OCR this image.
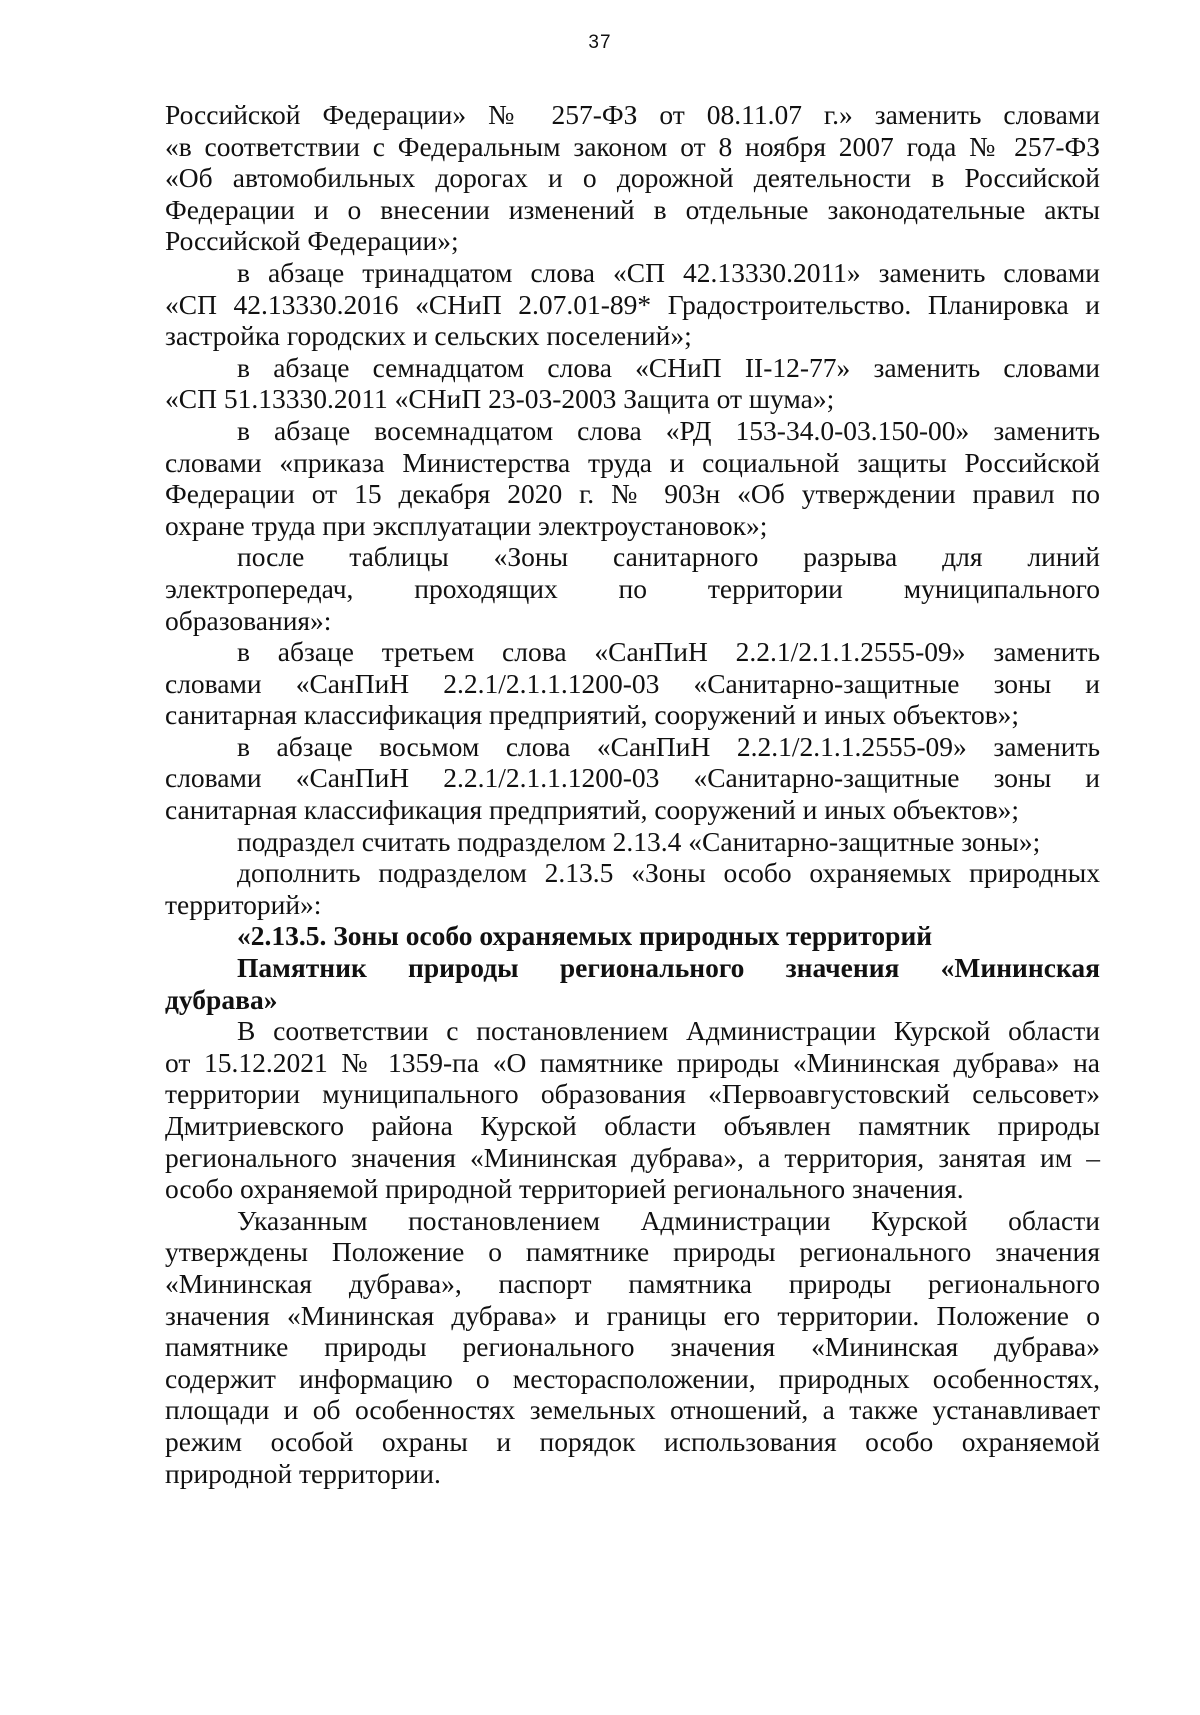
37

Российской Федерации» № 257-ФЗ от 08.11.07 г.» заменить словами
«в соответствии с Федеральным законом от 8 ноября 2007 года № 257-ФЗ
«Об автомобильных дорогах и о дорожной деятельности в Российской
Федерации и о внесении изменений в отдельные законодательные акты
Российской Федерации»;

в абзаце тринадцатом слова «СП 42.13330.2011» заменить словами
«СП 42.13330.2016 «СНиП 2.07.01-89* Градостроительство. Планировка и
застройка городских и сельских поселений»;

в абзаце семнадцатом слова «СНиП II-12-77» заменить словами
«СП 51.13330.2011 «СНиП 23-03-2003 Защита от шума»;

в абзаце восемнадцатом слова «РД 153-34.0-03.150-00» заменить
словами «приказа Министерства труда и социальной защиты Российской
Федерации от 15 декабря 2020 г. № 903н «Об утверждении правил по
охране труда при эксплуатации электроустановок»;

после таблицы «Зоны санитарного разрыва для линий
электропередач, проходящих по территории муниципального
образования»:

в абзаце третьем слова «СанПиН 2.2.1/2.1.1.2555-09» заменить
словами «СанПиН 2.2.1/2.1.1.1200-03 «Санитарно-защитные зоны и
санитарная классификация предприятий, сооружений и иных объектов»;

в абзаце восьмом слова «СанПиН 2.2.1/2.1.1.2555-09» заменить
словами «СанПиН 2.2.1/2.1.1.1200-03 «Санитарно-защитные зоны и
санитарная классификация предприятий, сооружений и иных объектов»;

подраздел считать подразделом 2.13.4 «Санитарно-защитные зоны»;

дополнить подразделом 2.13.5 «Зоны особо охраняемых природных
территорий»:

«2.13.5. Зоны особо охраняемых природных территорий

Памятник природы регионального значения «Мининская
дубрава»

В соответствии с постановлением Администрации Курской области
от 15.12.2021 № 1359-па «О памятнике природы «Мининская дубрава» на
территории муниципального образования «Первоавгустовский сельсовет»
Дмитриевского района Курской области объявлен памятник природы
регионального значения «Мининская дубрава», а территория, занятая им –
особо охраняемой природной территорией регионального значения.

Указанным постановлением Администрации Курской области
утверждены Положение о памятнике природы регионального значения
«Мининская дубрава», паспорт памятника природы регионального
значения «Мининская дубрава» и границы его территории. Положение о
памятнике природы регионального значения «Мининская дубрава»
содержит информацию о месторасположении, природных особенностях,
площади и об особенностях земельных отношений, а также устанавливает
режим особой охраны и порядок использования особо охраняемой
природной территории.
